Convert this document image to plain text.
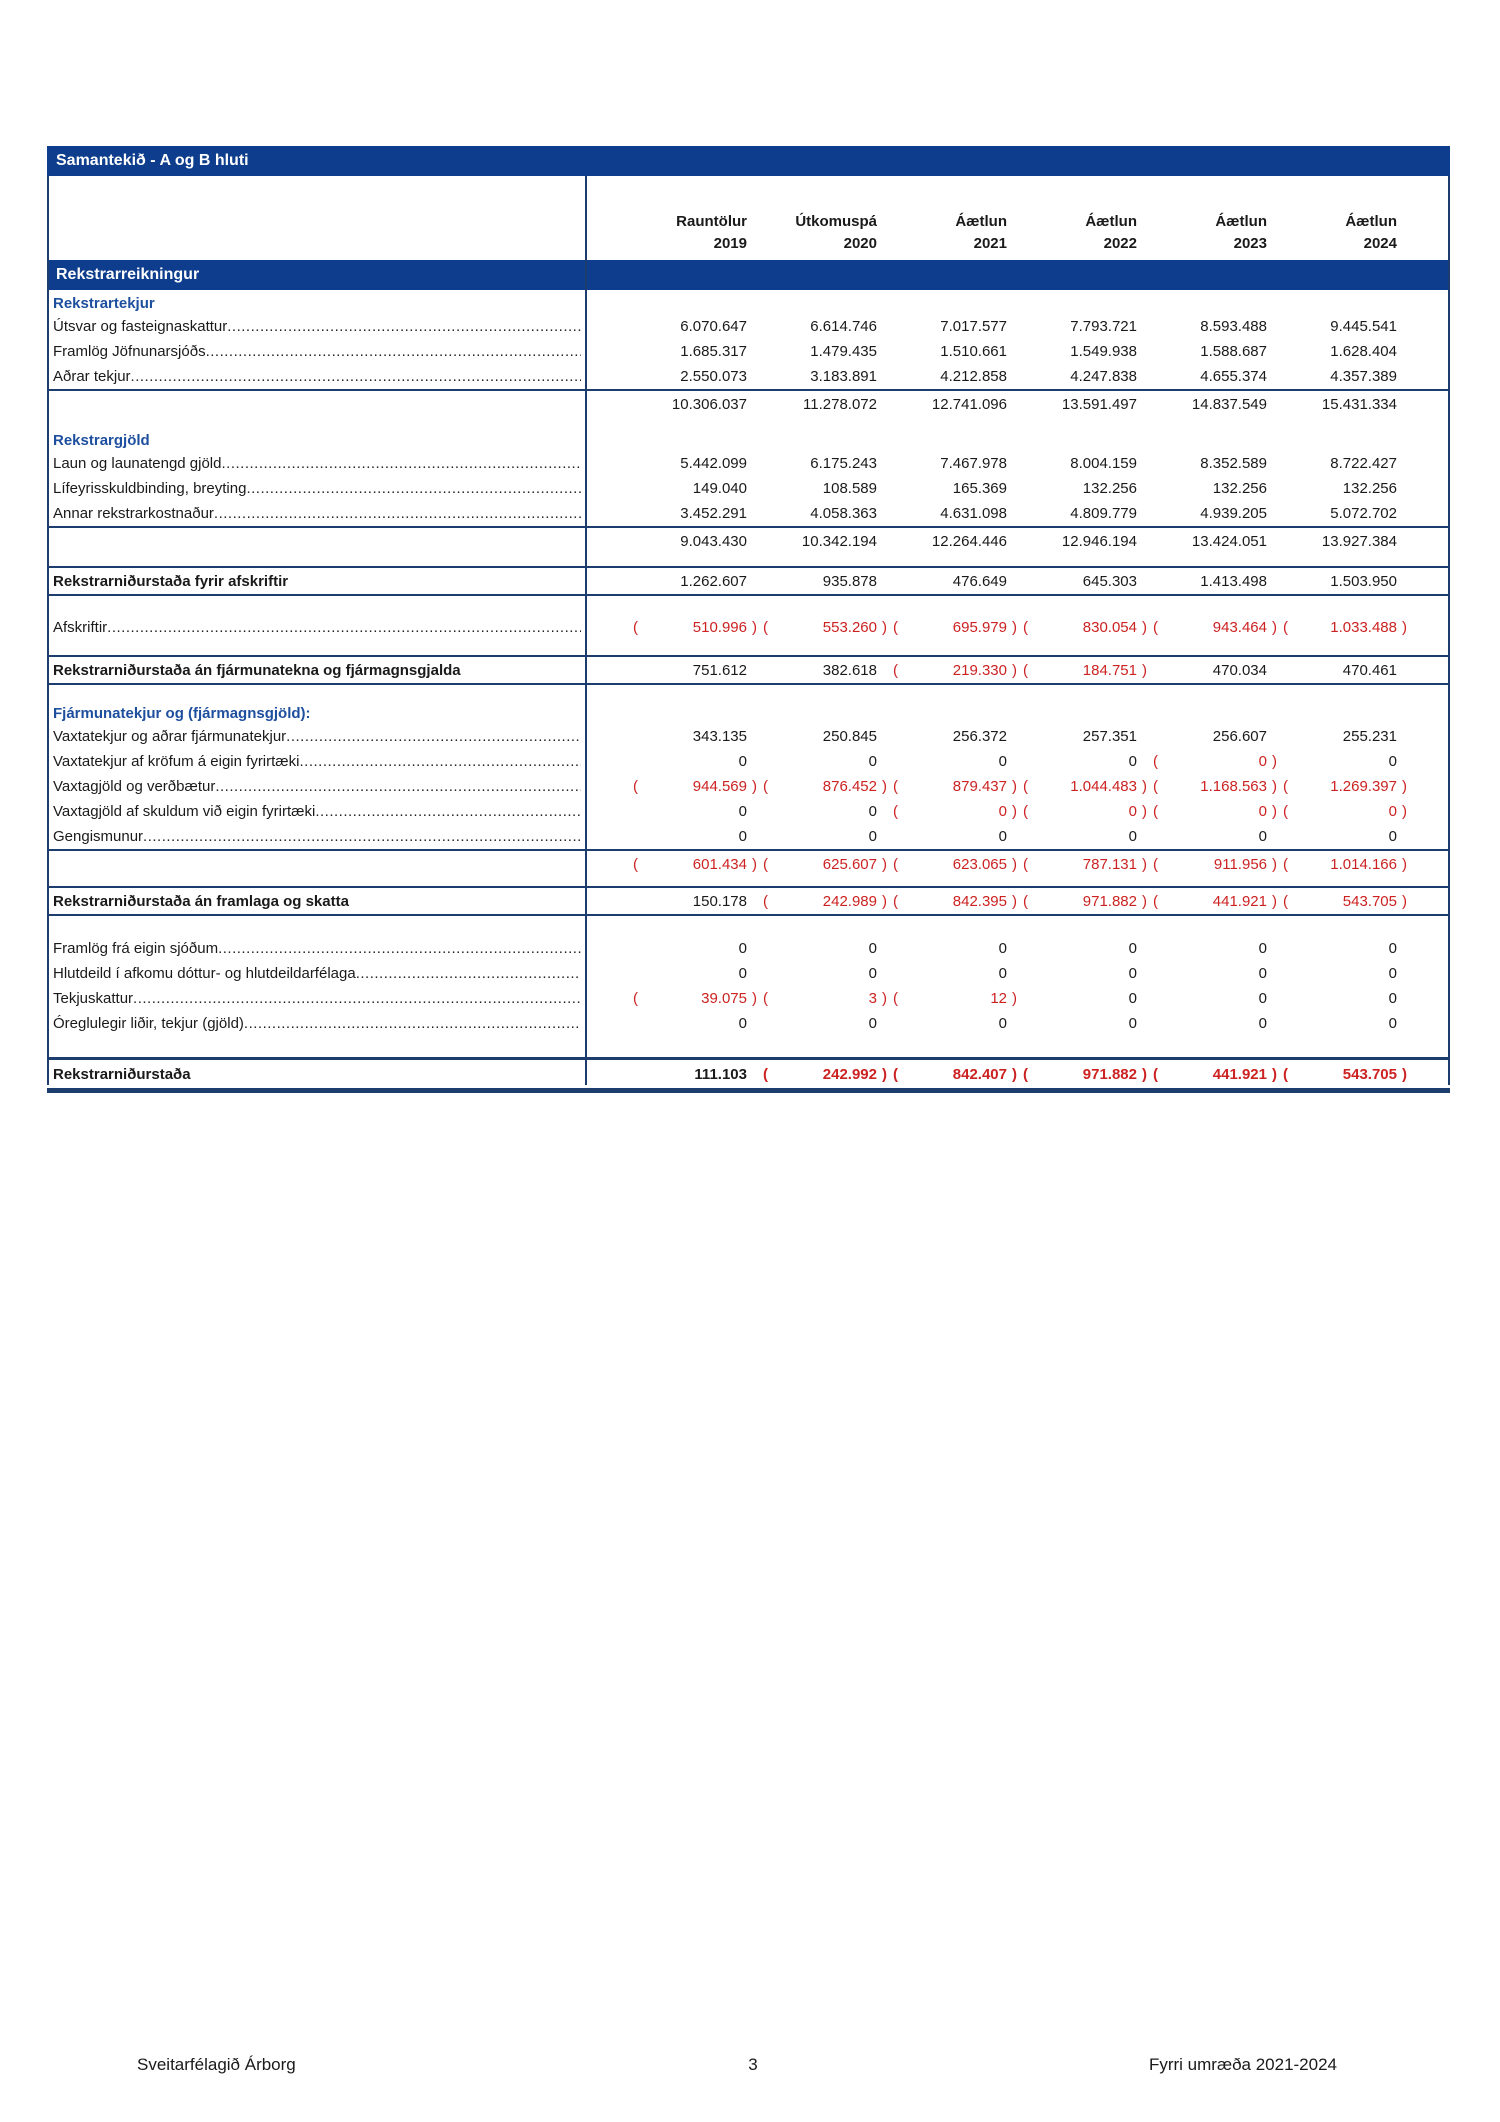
Samantekið - A og B hluti
Rauntölur	Útkomuspá	Áætlun	Áætlun	Áætlun	Áætlun
2019	2020	2021	2022	2023	2024
Rekstrarreikningur
Rekstrartekjur
Útsvar og fasteignaskattur .....	6.070.647	6.614.746	7.017.577	7.793.721	8.593.488	9.445.541
Framlög Jöfnunarsjóðs .....	1.685.317	1.479.435	1.510.661	1.549.938	1.588.687	1.628.404
Aðrar tekjur .....	2.550.073	3.183.891	4.212.858	4.247.838	4.655.374	4.357.389
10.306.037	11.278.072	12.741.096	13.591.497	14.837.549	15.431.334
Rekstrargjöld
Laun og launatengd gjöld .....	5.442.099	6.175.243	7.467.978	8.004.159	8.352.589	8.722.427
Lífeyrisskuldbinding, breyting .....	149.040	108.589	165.369	132.256	132.256	132.256
Annar rekstrarkostnaður .....	3.452.291	4.058.363	4.631.098	4.809.779	4.939.205	5.072.702
9.043.430	10.342.194	12.264.446	12.946.194	13.424.051	13.927.384
Rekstrarniðurstaða fyrir afskriftir	1.262.607	935.878	476.649	645.303	1.413.498	1.503.950
Afskriftir .....	(	510.996 ) (	553.260 ) (	695.979 ) (	830.054 ) (	943.464 ) (	1.033.488 )
Rekstrarniðurstaða án fjármunatekna og fjármagnsgjalda	751.612	382.618 (	219.330 ) (	184.751 )	470.034	470.461
Fjármunatekjur og (fjármagnsgjöld):
Vaxtatekjur og aðrar fjármunatekjur .....	343.135	250.845	256.372	257.351	256.607	255.231
Vaxtatekjur af kröfum á eigin fyrirtæki .....	0	0	0	0 (	0 )	0
Vaxtagjöld og verðbætur .....	(	944.569 ) (	876.452 ) (	879.437 ) (	1.044.483 ) (	1.168.563 ) (	1.269.397 )
Vaxtagjöld af skuldum við eigin fyrirtæki .....	0	0 (	0 ) (	0 ) (	0 ) (	0 )
Gengismunur .....	0	0	0	0	0	0
(	601.434 ) (	625.607 ) (	623.065 ) (	787.131 ) (	911.956 ) (	1.014.166 )
Rekstrarniðurstaða án framlaga og skatta	150.178 (	242.989 ) (	842.395 ) (	971.882 ) (	441.921 ) (	543.705 )
Framlög frá eigin sjóðum .....	0	0	0	0	0	0
Hlutdeild í afkomu dóttur- og hlutdeildarfélaga .....	0	0	0	0	0	0
Tekjuskattur .....	(	39.075 ) (	3 ) (	12 )	0	0	0
Óreglulegir liðir, tekjur (gjöld) .....	0	0	0	0	0	0
Rekstrarniðurstaða	111.103 (	242.992 ) (	842.407 ) (	971.882 ) (	441.921 ) (	543.705 )
Sveitarfélagið Árborg	3	Fyrri umræða 2021-2024
